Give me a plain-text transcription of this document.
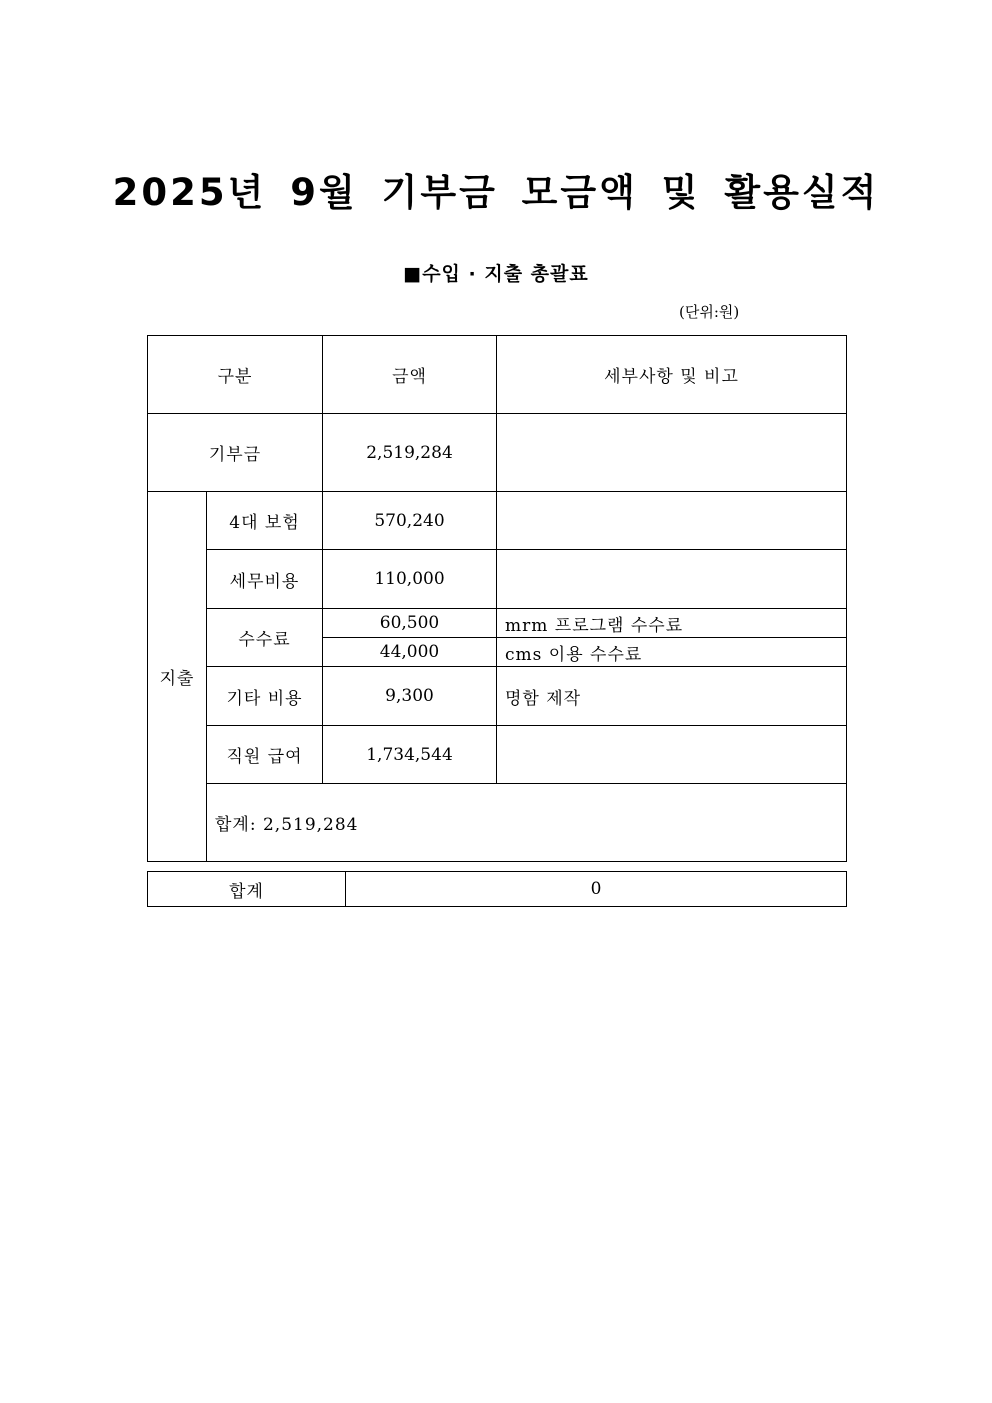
2025년 9월 기부금 모금액 및 활용실적
■수입 · 지출 총괄표
(단위:원)
구분	금액	세부사항 및 비고
기부금	2,519,284
지출
4대 보험	570,240
세무비용	110,000
수수료
60,500	mrm 프로그램 수수료
44,000	cms 이용 수수료
기타 비용	9,300	명함 제작
직원 급여	1,734,544
합계: 2,519,284
합계	0
